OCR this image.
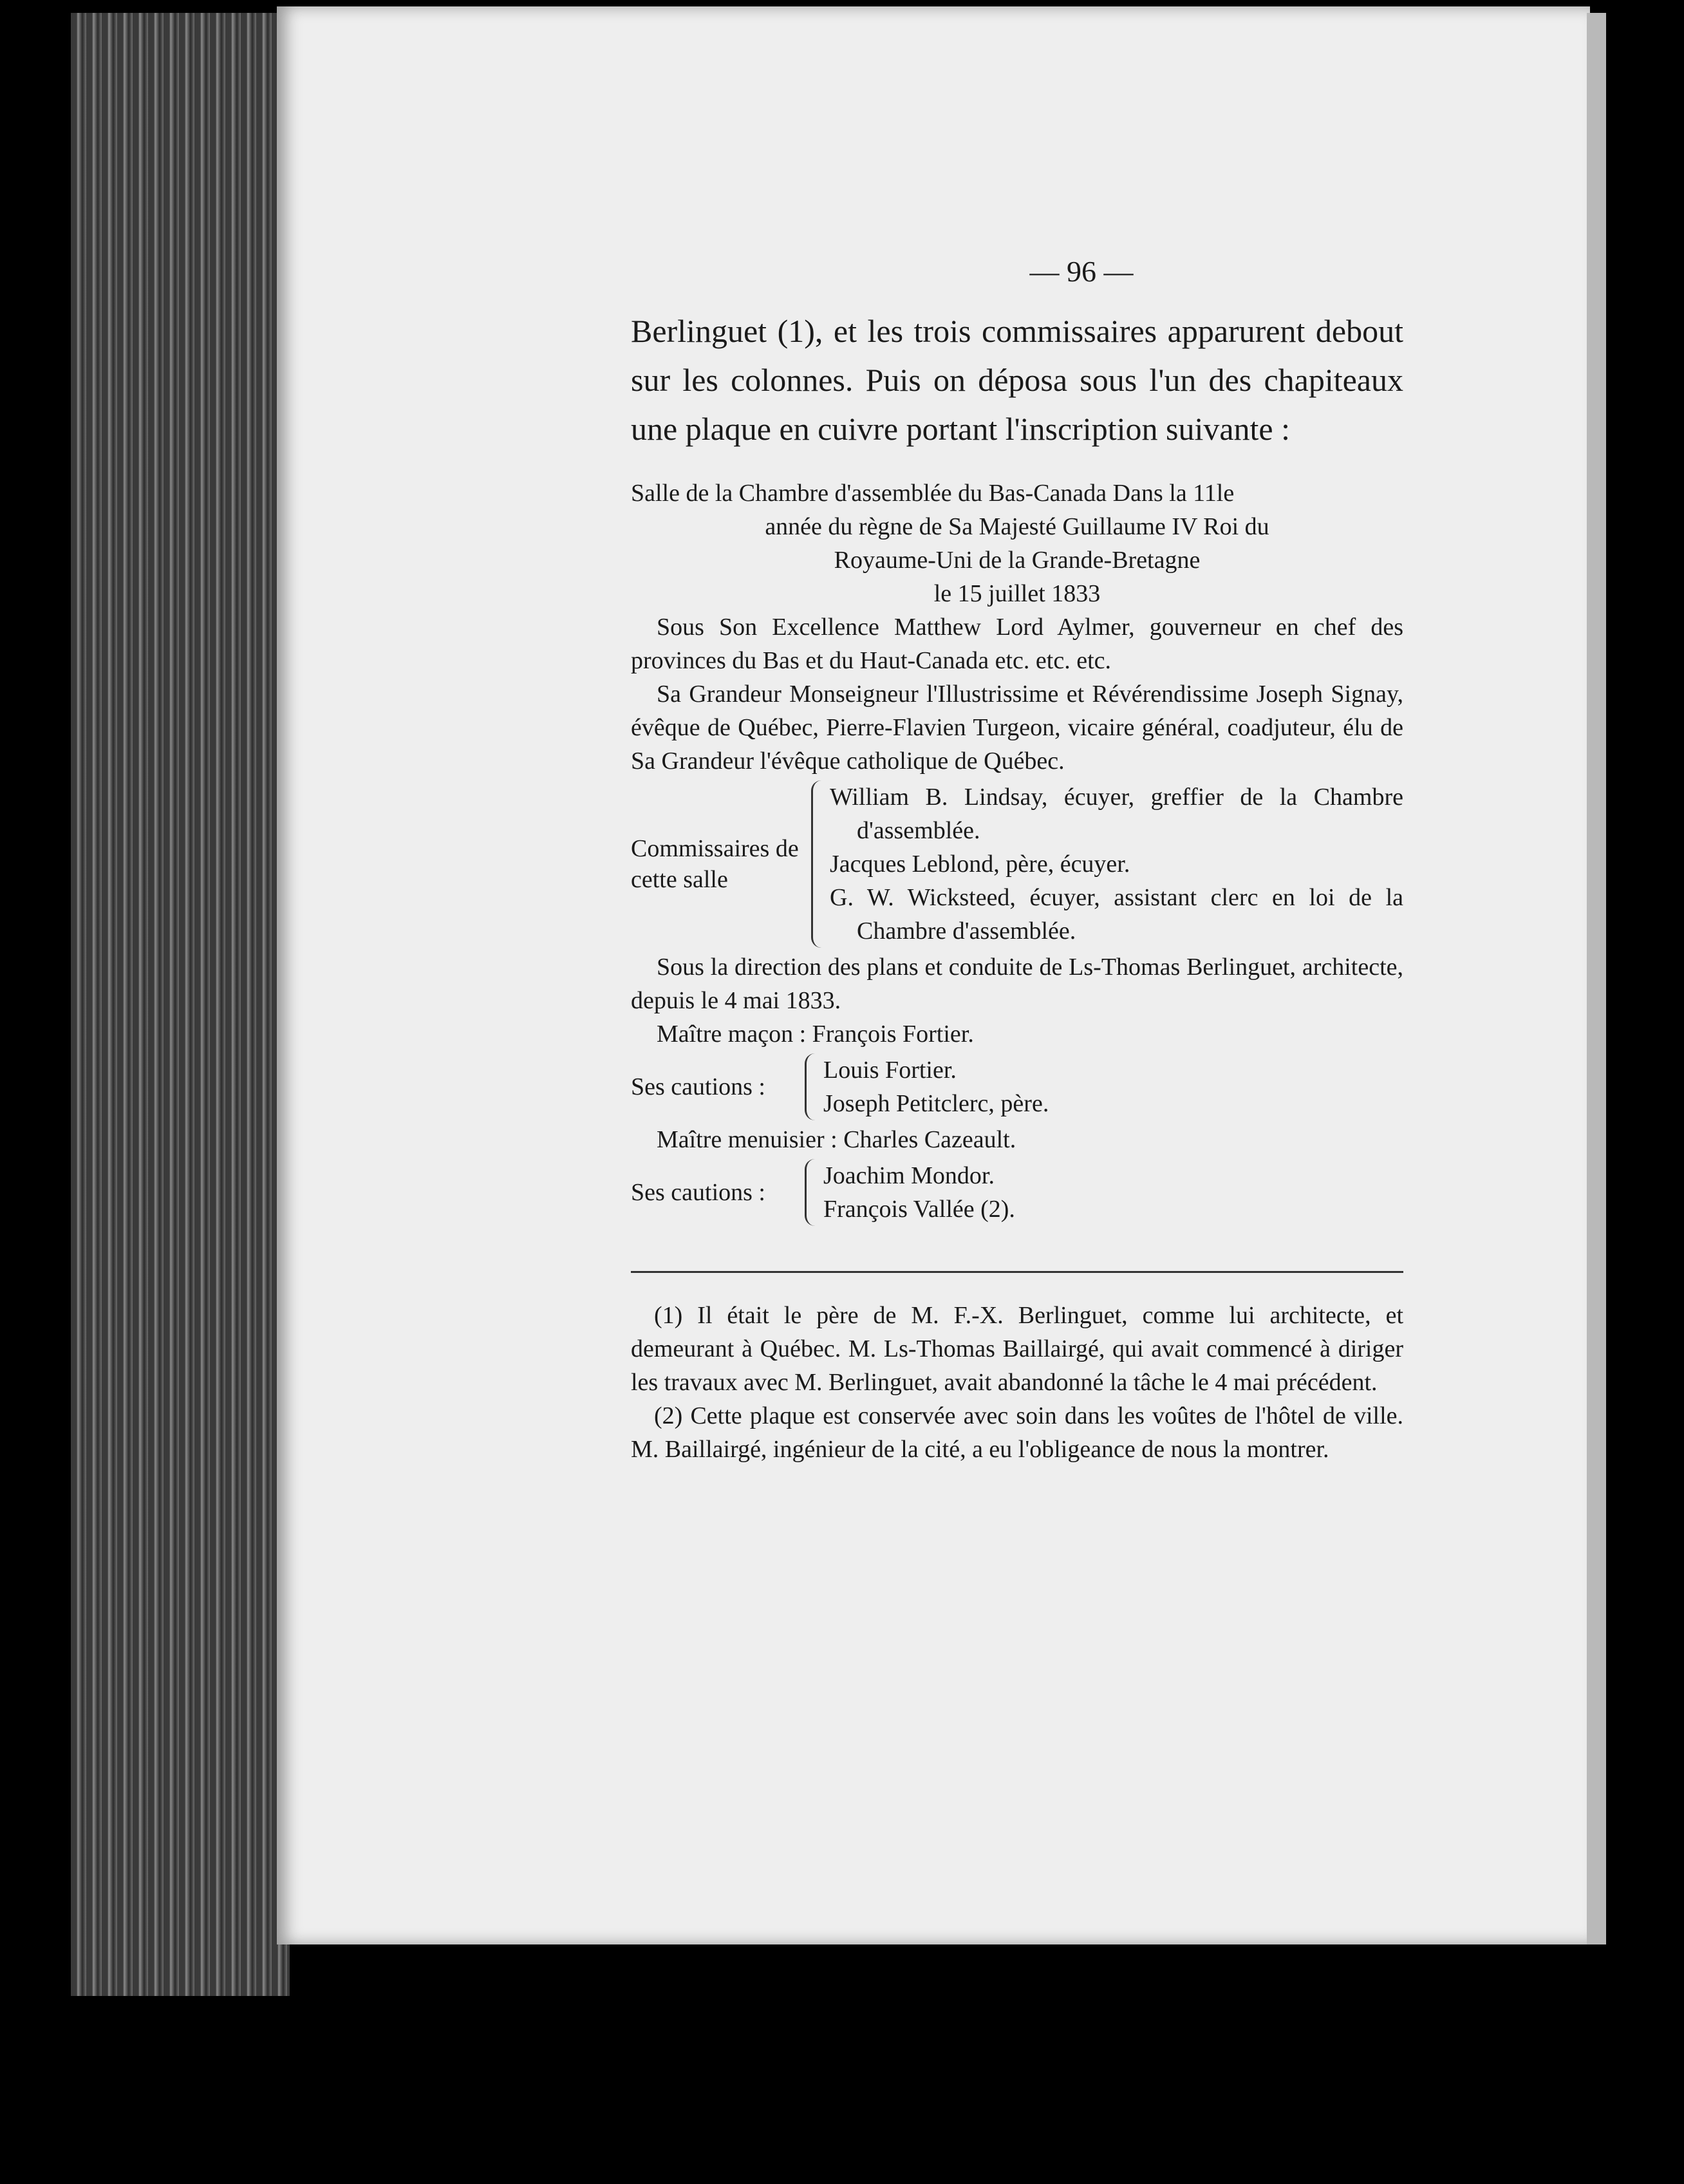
— 96 —

Berlinguet (1), et les trois commissaires apparurent debout sur les colonnes. Puis on déposa sous l'un des chapiteaux une plaque en cuivre portant l'inscription suivante :

Salle de la Chambre d'assemblée du Bas-Canada Dans la 11le

année du règne de Sa Majesté Guillaume IV Roi du

Royaume-Uni de la Grande-Bretagne

le 15 juillet 1833

Sous Son Excellence Matthew Lord Aylmer, gouverneur en chef des provinces du Bas et du Haut-Canada etc. etc. etc.

Sa Grandeur Monseigneur l'Illustrissime et Révérendissime Joseph Signay, évêque de Québec, Pierre-Flavien Turgeon, vicaire général, coadjuteur, élu de Sa Grandeur l'évêque catholique de Québec.

Commissaires de cette salle

William B. Lindsay, écuyer, greffier de la Chambre d'assemblée.

Jacques Leblond, père, écuyer.

G. W. Wicksteed, écuyer, assistant clerc en loi de la Chambre d'assemblée.

Sous la direction des plans et conduite de Ls-Thomas Berlinguet, architecte, depuis le 4 mai 1833.

Maître maçon : François Fortier.

Ses cautions :

Louis Fortier.

Joseph Petitclerc, père.

Maître menuisier : Charles Cazeault.

Ses cautions :

Joachim Mondor.

François Vallée (2).

(1) Il était le père de M. F.-X. Berlinguet, comme lui architecte, et demeurant à Québec. M. Ls-Thomas Baillairgé, qui avait commencé à diriger les travaux avec M. Berlinguet, avait abandonné la tâche le 4 mai précédent.

(2) Cette plaque est conservée avec soin dans les voûtes de l'hôtel de ville. M. Baillairgé, ingénieur de la cité, a eu l'obligeance de nous la montrer.
